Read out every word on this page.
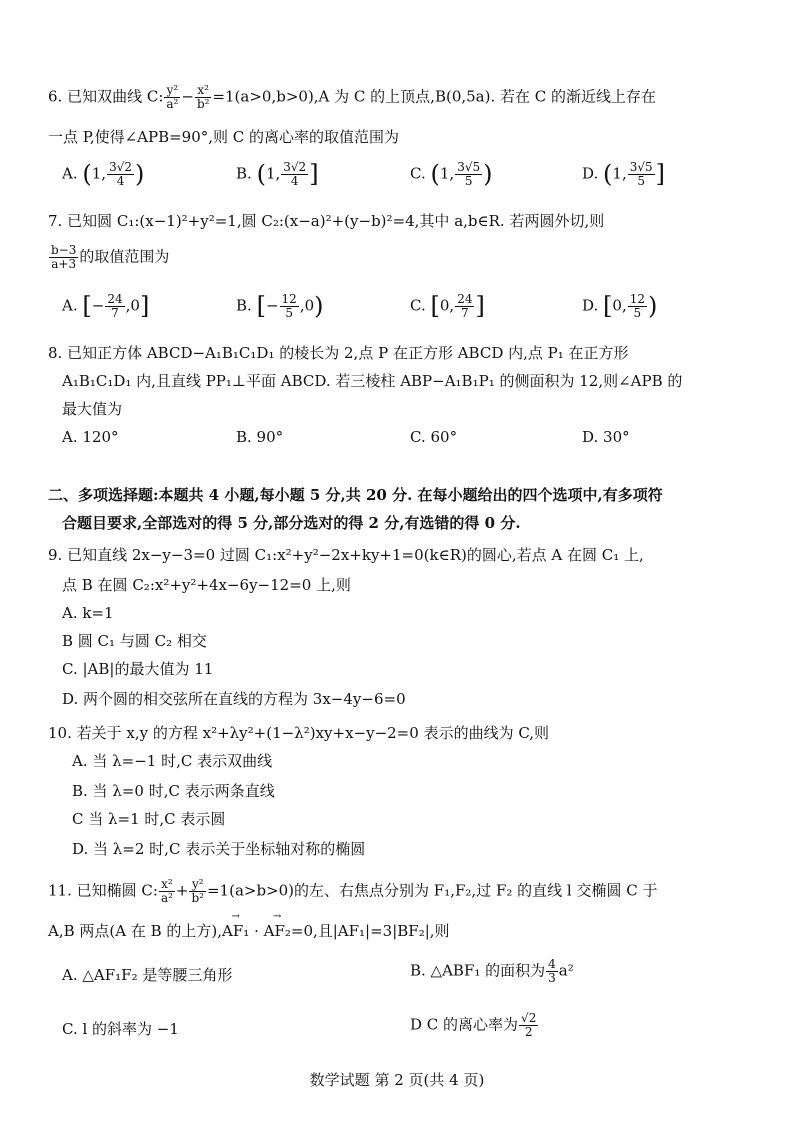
6. 已知双曲线 C: $\frac{\text{y²}}{\text{a²}} - \frac{\text{x²}}{\text{b²}} =1(a>0,b>0),A$ 为 C 的上顶点,B(0,5a). 若在 C 的渐近线上存在
一点 P,使得∠APB=90°,则 C 的离心率的取值范围为
A. (1, $\frac{3√2}{4}$ )	B. (1, $\frac{3√2}{4}$ ]	C. (1, $\frac{3√5}{5}$ )	D. (1, $\frac{3√5}{5}$ ]
7. 已知圆 C₁:(x−1)²+y²=1,圆 C₂:(x−a)²+(y−b)²=4,其中 a,b∈R. 若两圆外切,则
$\frac{b-3}{a+3}$ 的取值范围为
A. [− $\frac{24}{7} ,0$]	B. [− $\frac{12}{5} ,0$)	C. [0, $\frac{24}{7}$ ]	D. [0, $\frac{12}{5}$ )
8. 已知正方体 ABCD−A₁B₁C₁D₁ 的棱长为 2,点 P 在正方形 ABCD 内,点 P₁ 在正方形
A₁B₁C₁D₁ 内,且直线 PP₁⊥平面 ABCD. 若三棱柱 ABP−A₁B₁P₁ 的侧面积为 12,则∠APB 的
最大值为
A. 120°	B. 90°	C. 60°	D. 30°
二、多项选择题:本题共 4 小题,每小题 5 分,共 20 分. 在每小题给出的四个选项中,有多项符
合题目要求,全部选对的得 5 分,部分选对的得 2 分,有选错的得 0 分.
9. 已知直线 2x−y−3=0 过圆 C₁:x²+y²−2x+ky+1=0(k∈R)的圆心,若点 A 在圆 C₁ 上,
点 B 在圆 C₂:x²+y²+4x−6y−12=0 上,则
A. k=1
B 圆 C₁ 与圆 C₂ 相交
C. |AB|的最大值为 11
D. 两个圆的相交弦所在直线的方程为 3x−4y−6=0
10. 若关于 x,y 的方程 x²+λy²+(1−λ²)xy+x−y−2=0 表示的曲线为 C,则
A. 当 λ=−1 时,C 表示双曲线
B. 当 λ=0 时,C 表示两条直线
C 当 λ=1 时,C 表示圆
D. 当 λ=2 时,C 表示关于坐标轴对称的椭圆
11. 已知椭圆 C: $\frac{\text{x²}}{\text{a²}} + \frac{\text{y²}}{\text{b²}} =1(a>b>0)$的左、右焦点分别为 F₁,F₂,过 F₂ 的直线 l 交椭圆 C 于
A,B 两点(A 在 B 的上方),→ AF₁ · → AF₂=0,且|AF₁|=3|BF₂|,则
A. △AF₁F₂ 是等腰三角形	B. △ABF₁ 的面积为 $\frac{4}{3} a^2$
C. l 的斜率为 −1	D C 的离心率为 $\frac{√2}{2}$
数学试题 第 2 页(共 4 页)
